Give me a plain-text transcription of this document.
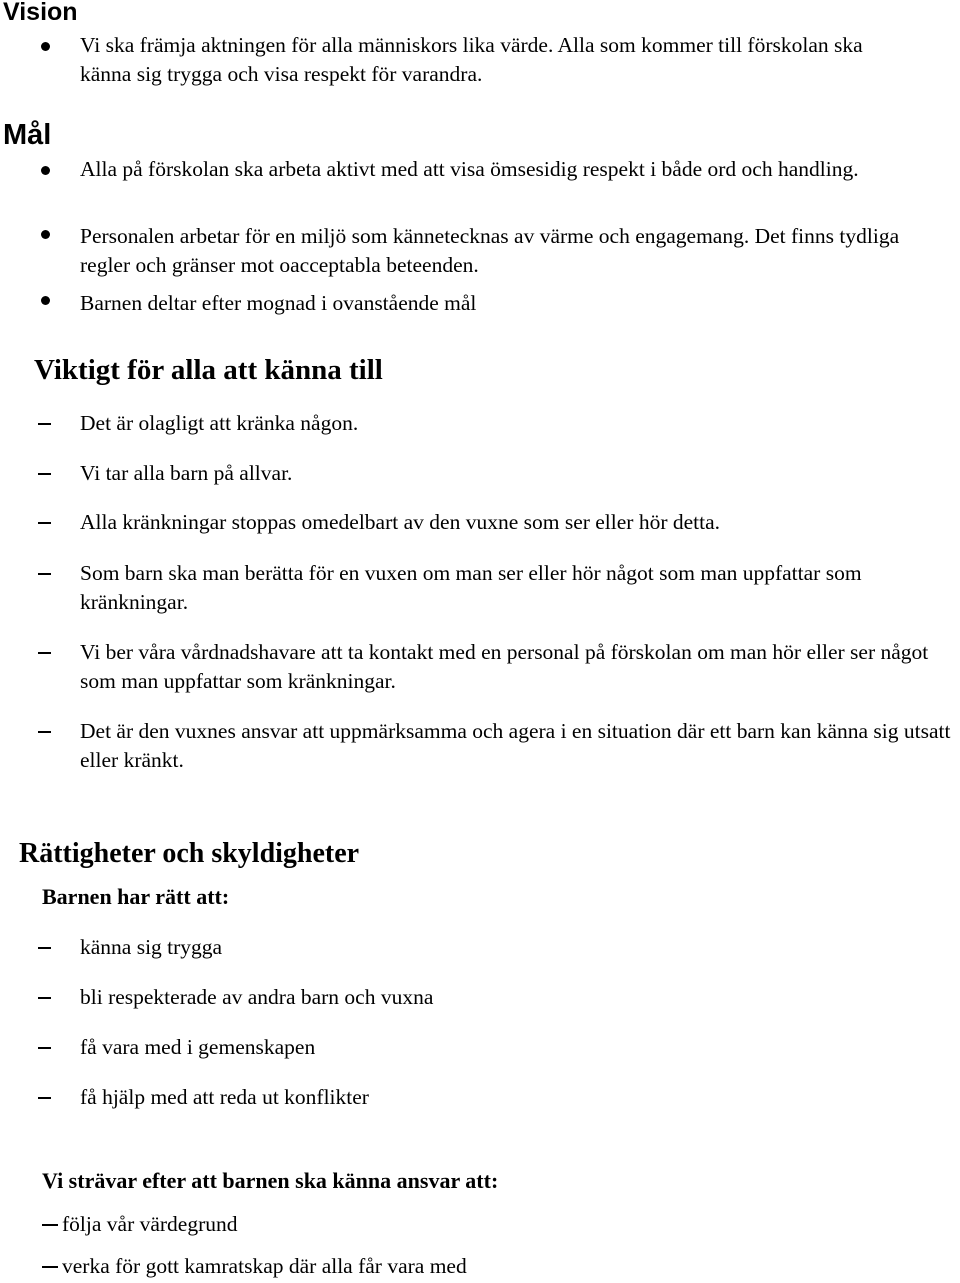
Vision
Vi ska främja aktningen för alla människors lika värde. Alla som kommer till förskolan ska känna sig trygga och visa respekt för varandra.
Mål
Alla på förskolan ska arbeta aktivt med att visa ömsesidig respekt i både ord och handling.
Personalen arbetar för en miljö som kännetecknas av värme och engagemang. Det finns tydliga regler och gränser mot oacceptabla beteenden.
Barnen deltar efter mognad i ovanstående mål
Viktigt för alla att känna till
Det är olagligt att kränka någon.
Vi tar alla barn på allvar.
Alla kränkningar stoppas omedelbart av den vuxne som ser eller hör detta.
Som barn ska man berätta för en vuxen om man ser eller hör något som man uppfattar som kränkningar.
Vi ber våra vårdnadshavare att ta kontakt med en personal på förskolan om man hör eller ser något som man uppfattar som kränkningar.
Det är den vuxnes ansvar att uppmärksamma och agera i en situation där ett barn kan känna sig utsatt eller kränkt.
Rättigheter och skyldigheter
Barnen har rätt att:
känna sig trygga
bli respekterade av andra barn och vuxna
få vara med i gemenskapen
få hjälp med att reda ut konflikter
Vi strävar efter att barnen ska känna ansvar att:
följa vår värdegrund
verka för gott kamratskap där alla får vara med
